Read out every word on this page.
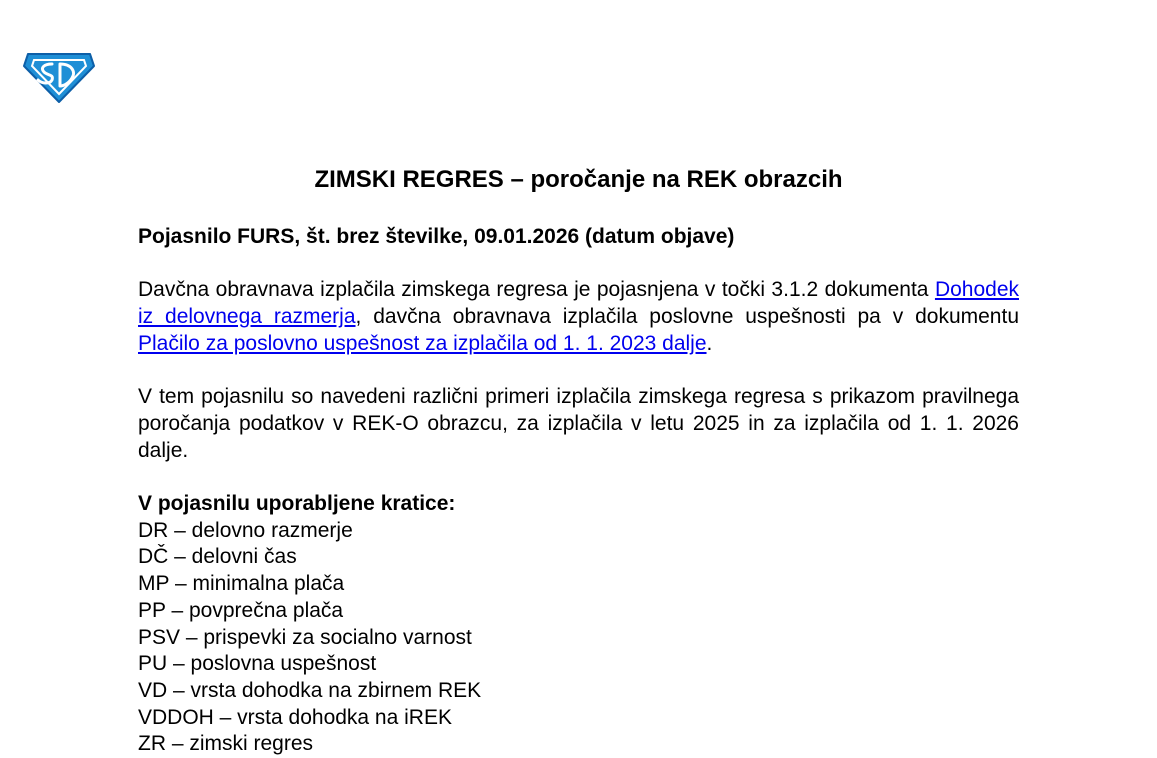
ZIMSKI REGRES – poročanje na REK obrazcih

Pojasnilo FURS, št. brez številke, 09.01.2026 (datum objave)

Davčna obravnava izplačila zimskega regresa je pojasnjena v točki 3.1.2 dokumenta Dohodek iz delovnega razmerja, davčna obravnava izplačila poslovne uspešnosti pa v dokumentu Plačilo za poslovno uspešnost za izplačila od 1. 1. 2023 dalje.

V tem pojasnilu so navedeni različni primeri izplačila zimskega regresa s prikazom pravilnega poročanja podatkov v REK-O obrazcu, za izplačila v letu 2025 in za izplačila od 1. 1. 2026 dalje.

V pojasnilu uporabljene kratice:

DR – delovno razmerje
DČ – delovni čas
MP – minimalna plača
PP – povprečna plača
PSV – prispevki za socialno varnost
PU – poslovna uspešnost
VD – vrsta dohodka na zbirnem REK
VDDOH – vrsta dohodka na iREK
ZR – zimski regres
